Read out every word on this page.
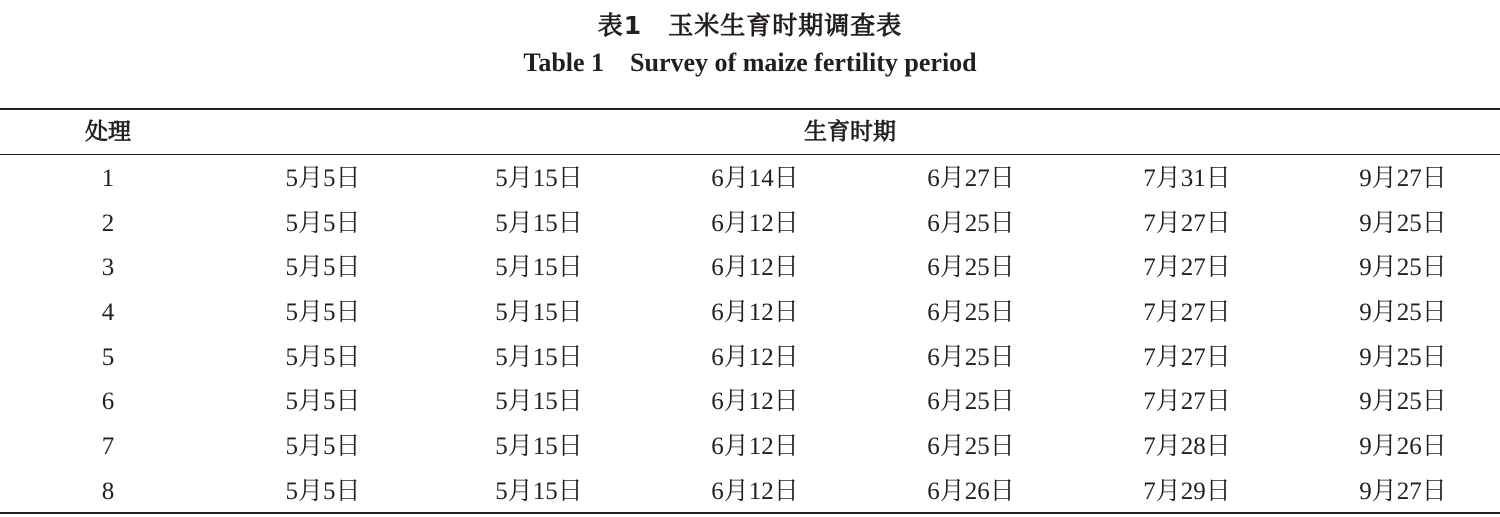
表1　玉米生育时期调查表
Table 1    Survey of maize fertility period
处理	生育时期
1	5月5日	5月15日	6月14日	6月27日	7月31日	9月27日
2	5月5日	5月15日	6月12日	6月25日	7月27日	9月25日
3	5月5日	5月15日	6月12日	6月25日	7月27日	9月25日
4	5月5日	5月15日	6月12日	6月25日	7月27日	9月25日
5	5月5日	5月15日	6月12日	6月25日	7月27日	9月25日
6	5月5日	5月15日	6月12日	6月25日	7月27日	9月25日
7	5月5日	5月15日	6月12日	6月25日	7月28日	9月26日
8	5月5日	5月15日	6月12日	6月26日	7月29日	9月27日
